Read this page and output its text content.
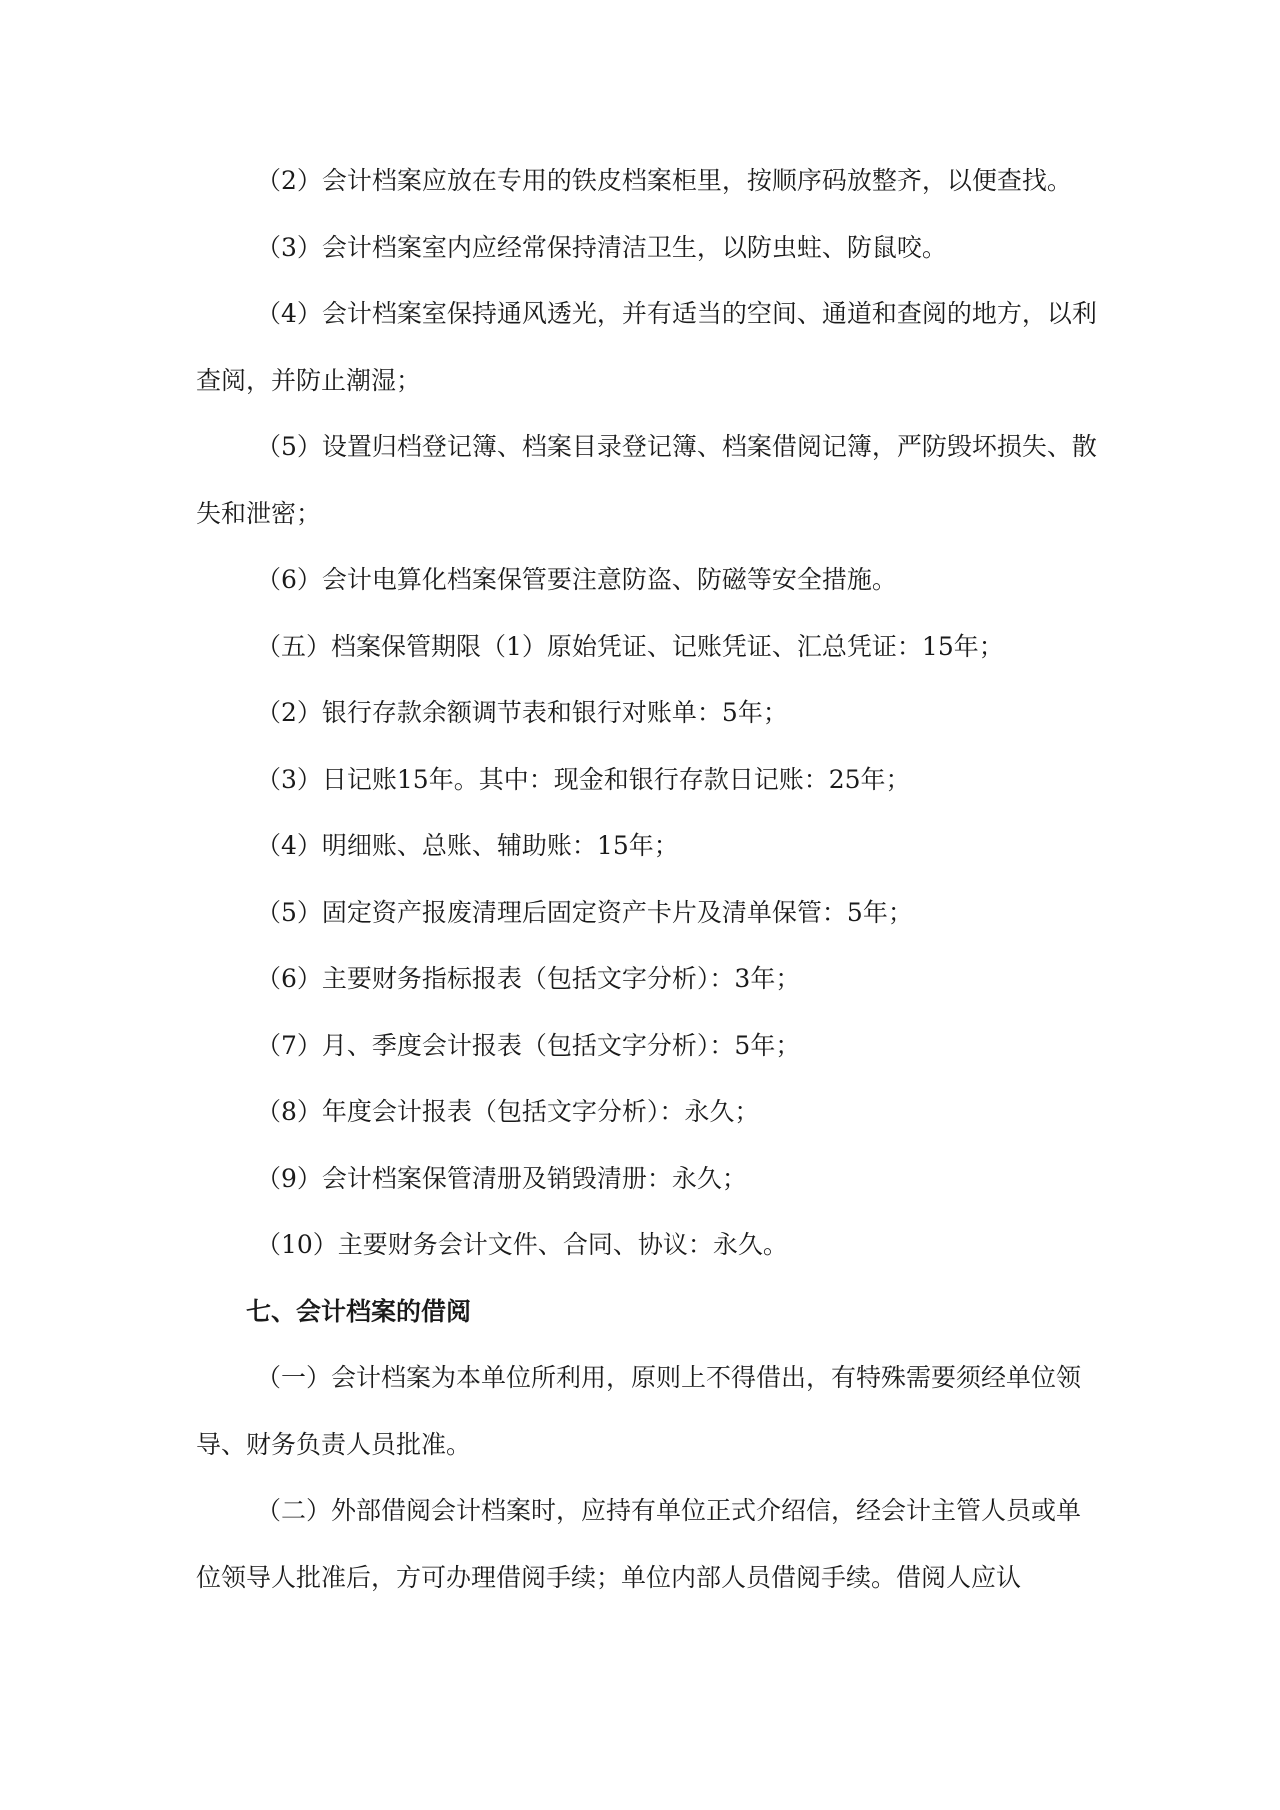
（2）会计档案应放在专用的铁皮档案柜里，按顺序码放整齐，以便查找。

（3）会计档案室内应经常保持清洁卫生，以防虫蛀、防鼠咬。

（4）会计档案室保持通风透光，并有适当的空间、通道和查阅的地方，以利查阅，并防止潮湿；

（5）设置归档登记簿、档案目录登记簿、档案借阅记簿，严防毁坏损失、散失和泄密；

（6）会计电算化档案保管要注意防盗、防磁等安全措施。

（五）档案保管期限（1）原始凭证、记账凭证、汇总凭证：15年；

（2）银行存款余额调节表和银行对账单：5年；

（3）日记账15年。其中：现金和银行存款日记账：25年；

（4）明细账、总账、辅助账：15年；

（5）固定资产报废清理后固定资产卡片及清单保管：5年；

（6）主要财务指标报表（包括文字分析）：3年；

（7）月、季度会计报表（包括文字分析）：5年；

（8）年度会计报表（包括文字分析）：永久；

（9）会计档案保管清册及销毁清册：永久；

（10）主要财务会计文件、合同、协议：永久。

七、会计档案的借阅

（一）会计档案为本单位所利用，原则上不得借出，有特殊需要须经单位领导、财务负责人员批准。

（二）外部借阅会计档案时，应持有单位正式介绍信，经会计主管人员或单位领导人批准后，方可办理借阅手续；单位内部人员借阅手续。借阅人应认
